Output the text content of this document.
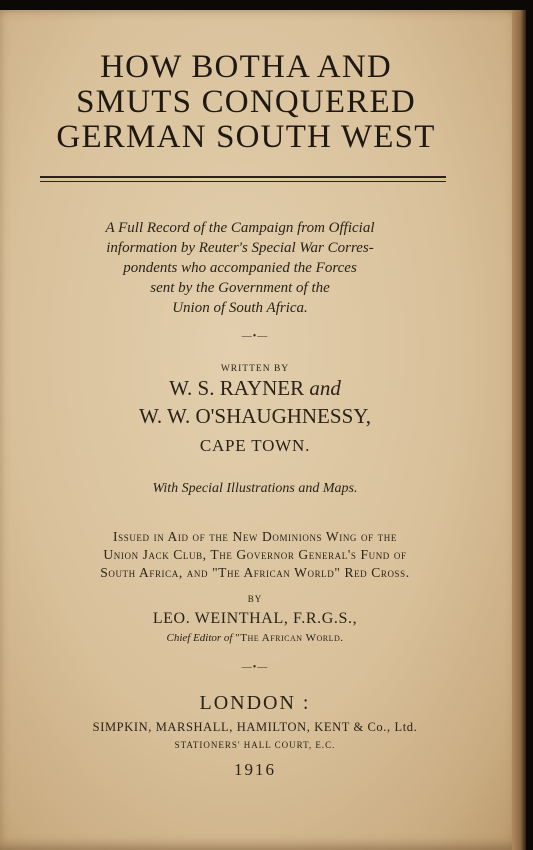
HOW BOTHA AND
SMUTS CONQUERED
GERMAN SOUTH WEST
A Full Record of the Campaign from Official
information by Reuter's Special War Corres-
pondents who accompanied the Forces
sent by the Government of the
Union of South Africa.
—•—
WRITTEN BY
W. S. RAYNER and
W. W. O'SHAUGHNESSY,
CAPE TOWN.
With Special Illustrations and Maps.
Issued in Aid of the New Dominions Wing of the
Union Jack Club, The Governor General's Fund of
South Africa, and "The African World" Red Cross.
BY
LEO. WEINTHAL, F.R.G.S.,
Chief Editor of "The African World.
—•—
LONDON :
SIMPKIN, MARSHALL, HAMILTON, KENT & Co., Ltd.
STATIONERS' HALL COURT, E.C.
1916
